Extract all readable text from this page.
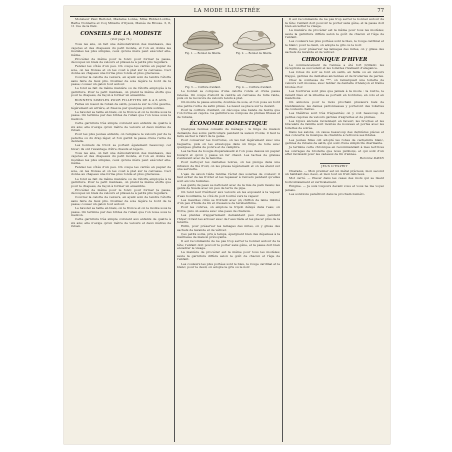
LA MODE ILLUSTRÉE	77

Monsieur Paul Bériolet, Madame Lonne, Mme Ridder-Lordie, Barbe Nonnette et Coq Minaire d'Oyaux, Menée de Brosse. 3, 8, 11 rue de la Paix.

CONSEILS DE LA MODISTE
(Voir page 71.)

Tous les ans, on fait une démonstration des manteaux, des capotes et des chapeaux du petit monde, et l'on en donne les modèles les plus simples, ceux qu'une mère peut exécuter elle-même.

Procédez de même pour le fond; pour former la passe, découpez un biais de velours et plissez-le à petits plis réguliers.

Fendez les côtés d'un peu. On coupe les carrés en papier de soie, on les froisse et on les coud à plat sur la carcasse. Ceci donne au chapeau une forme plus ronde et plus gracieuse.

Couvrez la calotte de velours, en ayant soin de tendre l'étoffe sans faire de faux plis. Doublez de soie légère le bord de la passe; cousez un galon tout autour.

Le fond se fait de même manière ou de l'étoffe employée à la garniture. Pour le petit manteau, on prend la même étoffe que pour le chapeau, de façon à former un ensemble.

BONNETS SIMPLES POUR FILLETTES DE 4 A 6 ANS.

Faites un nœud de ruban de satin, posez-le sur le côté gauche, légèrement en arrière, et fixez-le par quelques points solides.

Le bavolet se taille en biais, on le fronce et on le monte sous la passe. On termine par des brides de ruban que l'on noue sous le menton.

Cette garniture très simple convient aux enfants de quatre à six ans; elle n'exige qu'un mètre de velours et deux mètres de ruban.

Pour les plus jeunes enfants, on remplace le velours par de la peluche ou du drap léger, et l'on garnit la passe d'une ruche de dentelle.

Les bonnets de tricot se portent également beaucoup cet hiver; ils ont l'avantage d'être chauds et légers.

Tous les ans, on fait une démonstration des manteaux, des capotes et des chapeaux du petit monde, et l'on en donne les modèles les plus simples, ceux qu'une mère peut exécuter elle-même.

Fendez les côtés d'un peu. On coupe les carrés en papier de soie, on les froisse et on les coud à plat sur la carcasse. Ceci donne au chapeau une forme plus ronde et plus gracieuse.

Le fond se fait de même manière ou de l'étoffe employée à la garniture. Pour le petit manteau, on prend la même étoffe que pour le chapeau, de façon à former un ensemble.

Procédez de même pour le fond; pour former la passe, découpez un biais de velours et plissez-le à petits plis réguliers.

Couvrez la calotte de velours, en ayant soin de tendre l'étoffe sans faire de faux plis. Doublez de soie légère le bord de la passe; cousez un galon tout autour.

Le bavolet se taille en biais, on le fronce et on le monte sous la passe. On termine par des brides de ruban que l'on noue sous le menton.

Cette garniture très simple convient aux enfants de quatre à six ans; elle n'exige qu'un mètre de velours et deux mètres de ruban.

Fig. 1. — Bonnet de fillette.	Fig. 2. — Bonnet de fillette.
Fig. 3. — Coiffure d'enfant.	Fig. 4. — Coiffure d'enfant.

Le bonnet se compose d'une calotte ronde et d'une passe relevée. On coupe d'abord la calotte en carcasse de tulle raide, puis on la recouvre de velours tendu à plat.

On monte la passe ensuite, doublée de soie, et l'on pose au bord une petite ruche de satin plissé. Le nœud se place sur le devant.

Pour la coiffure d'enfant, on découpe une bande de feutre que l'on forme en capote. La garniture se compose de plumes frisées et de rubans.

ÉCONOMIE DOMESTIQUE

Quelques bonnes conseils de ménage : le linge de maison demande des soins particuliers pendant la saison froide; il faut le faire sécher à l'abri de la gelée.

Pour conserver les fourrures, on les bat légèrement avec une baguette, puis on les enveloppe dans un linge de toile avec quelques grains de poivre et de camphre.

Les taches de bougie disparaissent si l'on pose dessus un papier buvard et qu'on y passe un fer chaud. Les taches de graisse s'enlèvent avec de la benzine.

Pour nettoyer les dentelles noires, on les plonge dans une infusion de thé froid, on les presse légèrement et on les étend sur une serviette.

L'eau de savon tiède ranime l'éclat des soieries de couleur; il faut éviter de les frotter et les repasser à l'envers pendant qu'elles sont encore humides.

Les gants de peau se nettoient avec de la mie de pain rassis; les gants de Suède avec un peu de terre de pipe.

On rend leur fraîcheur aux velours en les exposant à la vapeur d'eau bouillante, le côté du poil tourné vers la vapeur.

Les meubles cirés se frottent avec un chiffon de laine imbibé d'un peu d'huile de lin et d'essence de térébenthine.

Pour les cuivres, on emploie le tripoli délayé dans l'eau; on frotte, puis on essuie avec une peau de chamois.

Les plantes d'appartement demandent peu d'eau pendant l'hiver; il faut les arroser avec de l'eau tiède et les placer près de la fenêtre.

Enfin, pour préserver les lainages des mites, on y glisse des sachets de lavande et de vétiver.

Ces petits soins, pris à temps, épargnent bien des dépenses à la maîtresse de maison prévoyante.

Il est recommandé de ne pas trop serrer le bonnet autour de la tête; l'enfant doit pouvoir le porter sans gêne, et la passe doit bien encadrer le visage.

La manière de procéder est la même pour tous les modèles; seule la garniture diffère selon le goût de chacun et l'âge de l'enfant.

Les couleurs les plus portées sont le bleu, le rouge cardinal et le blanc; pour le deuil, on adopte le gris ou le noir.

Il est recommandé de ne pas trop serrer le bonnet autour de la tête; l'enfant doit pouvoir le porter sans gêne, et la passe doit bien encadrer le visage.

La manière de procéder est la même pour tous les modèles; seule la garniture diffère selon le goût de chacun et l'âge de l'enfant.

Les couleurs les plus portées sont le bleu, le rouge cardinal et le blanc; pour le deuil, on adopte le gris ou le noir.

Enfin, pour préserver les lainages des mites, on y glisse des sachets de lavande et de vétiver.

CHRONIQUE D'HIVER

Le commencement de l'année a été fort brillant; les réceptions se succèdent et les toilettes rivalisent d'élégance.

Les robes du soir se font en satin, en faille ou en velours frappé, garnies de dentelles anciennes et de broderies de perles.

Chez la comtesse de ***, on remarquait une toilette de velours vert mousse, avec tablier de dentelle d'Alençon et traîne brodée d'or.

Les fourrures sont plus que jamais à la mode : la loutre, le renard bleu et la zibeline se portent en bordures, en cols et en manchons.

On annonce pour le mois prochain plusieurs bals de bienfaisance; les dames patronnesses y porteront des toilettes de couleurs claires.

Les théâtres sont très fréquentés; on y voit beaucoup de petites capotes de velours garnies d'aigrettes et de plumes.

Les bijoux anciens reviennent en faveur; les broches et les bracelets de famille sont montés de nouveau et portés avec les toilettes de soirée.

Dans les salons, on cause beaucoup des dernières pièces et des concerts; la musique de chambre a retrouvé ses fidèles.

Les jeunes filles ont adopté les robes de cachemire blanc, garnies de rubans de satin, qui sont d'une simplicité charmante.

Je termine cette chronique en recommandant à mes lectrices les ouvrages de broderie que nous publions, et qui sont d'un effet ravissant pour les cadeaux de fin d'année.

Baronne DAVIN
JEUX D'ESPRIT

Charade. — Mon premier est un métal précieux, mon second un habitant des cieux, et mon tout un fruit délicieux.

Mot carré. — Placer dans les cases des mots qui se lisent horizontalement et verticalement.

Énigme. — Je suis toujours devant vous et vous ne me voyez jamais.

Les solutions paraîtront dans le prochain numéro.
